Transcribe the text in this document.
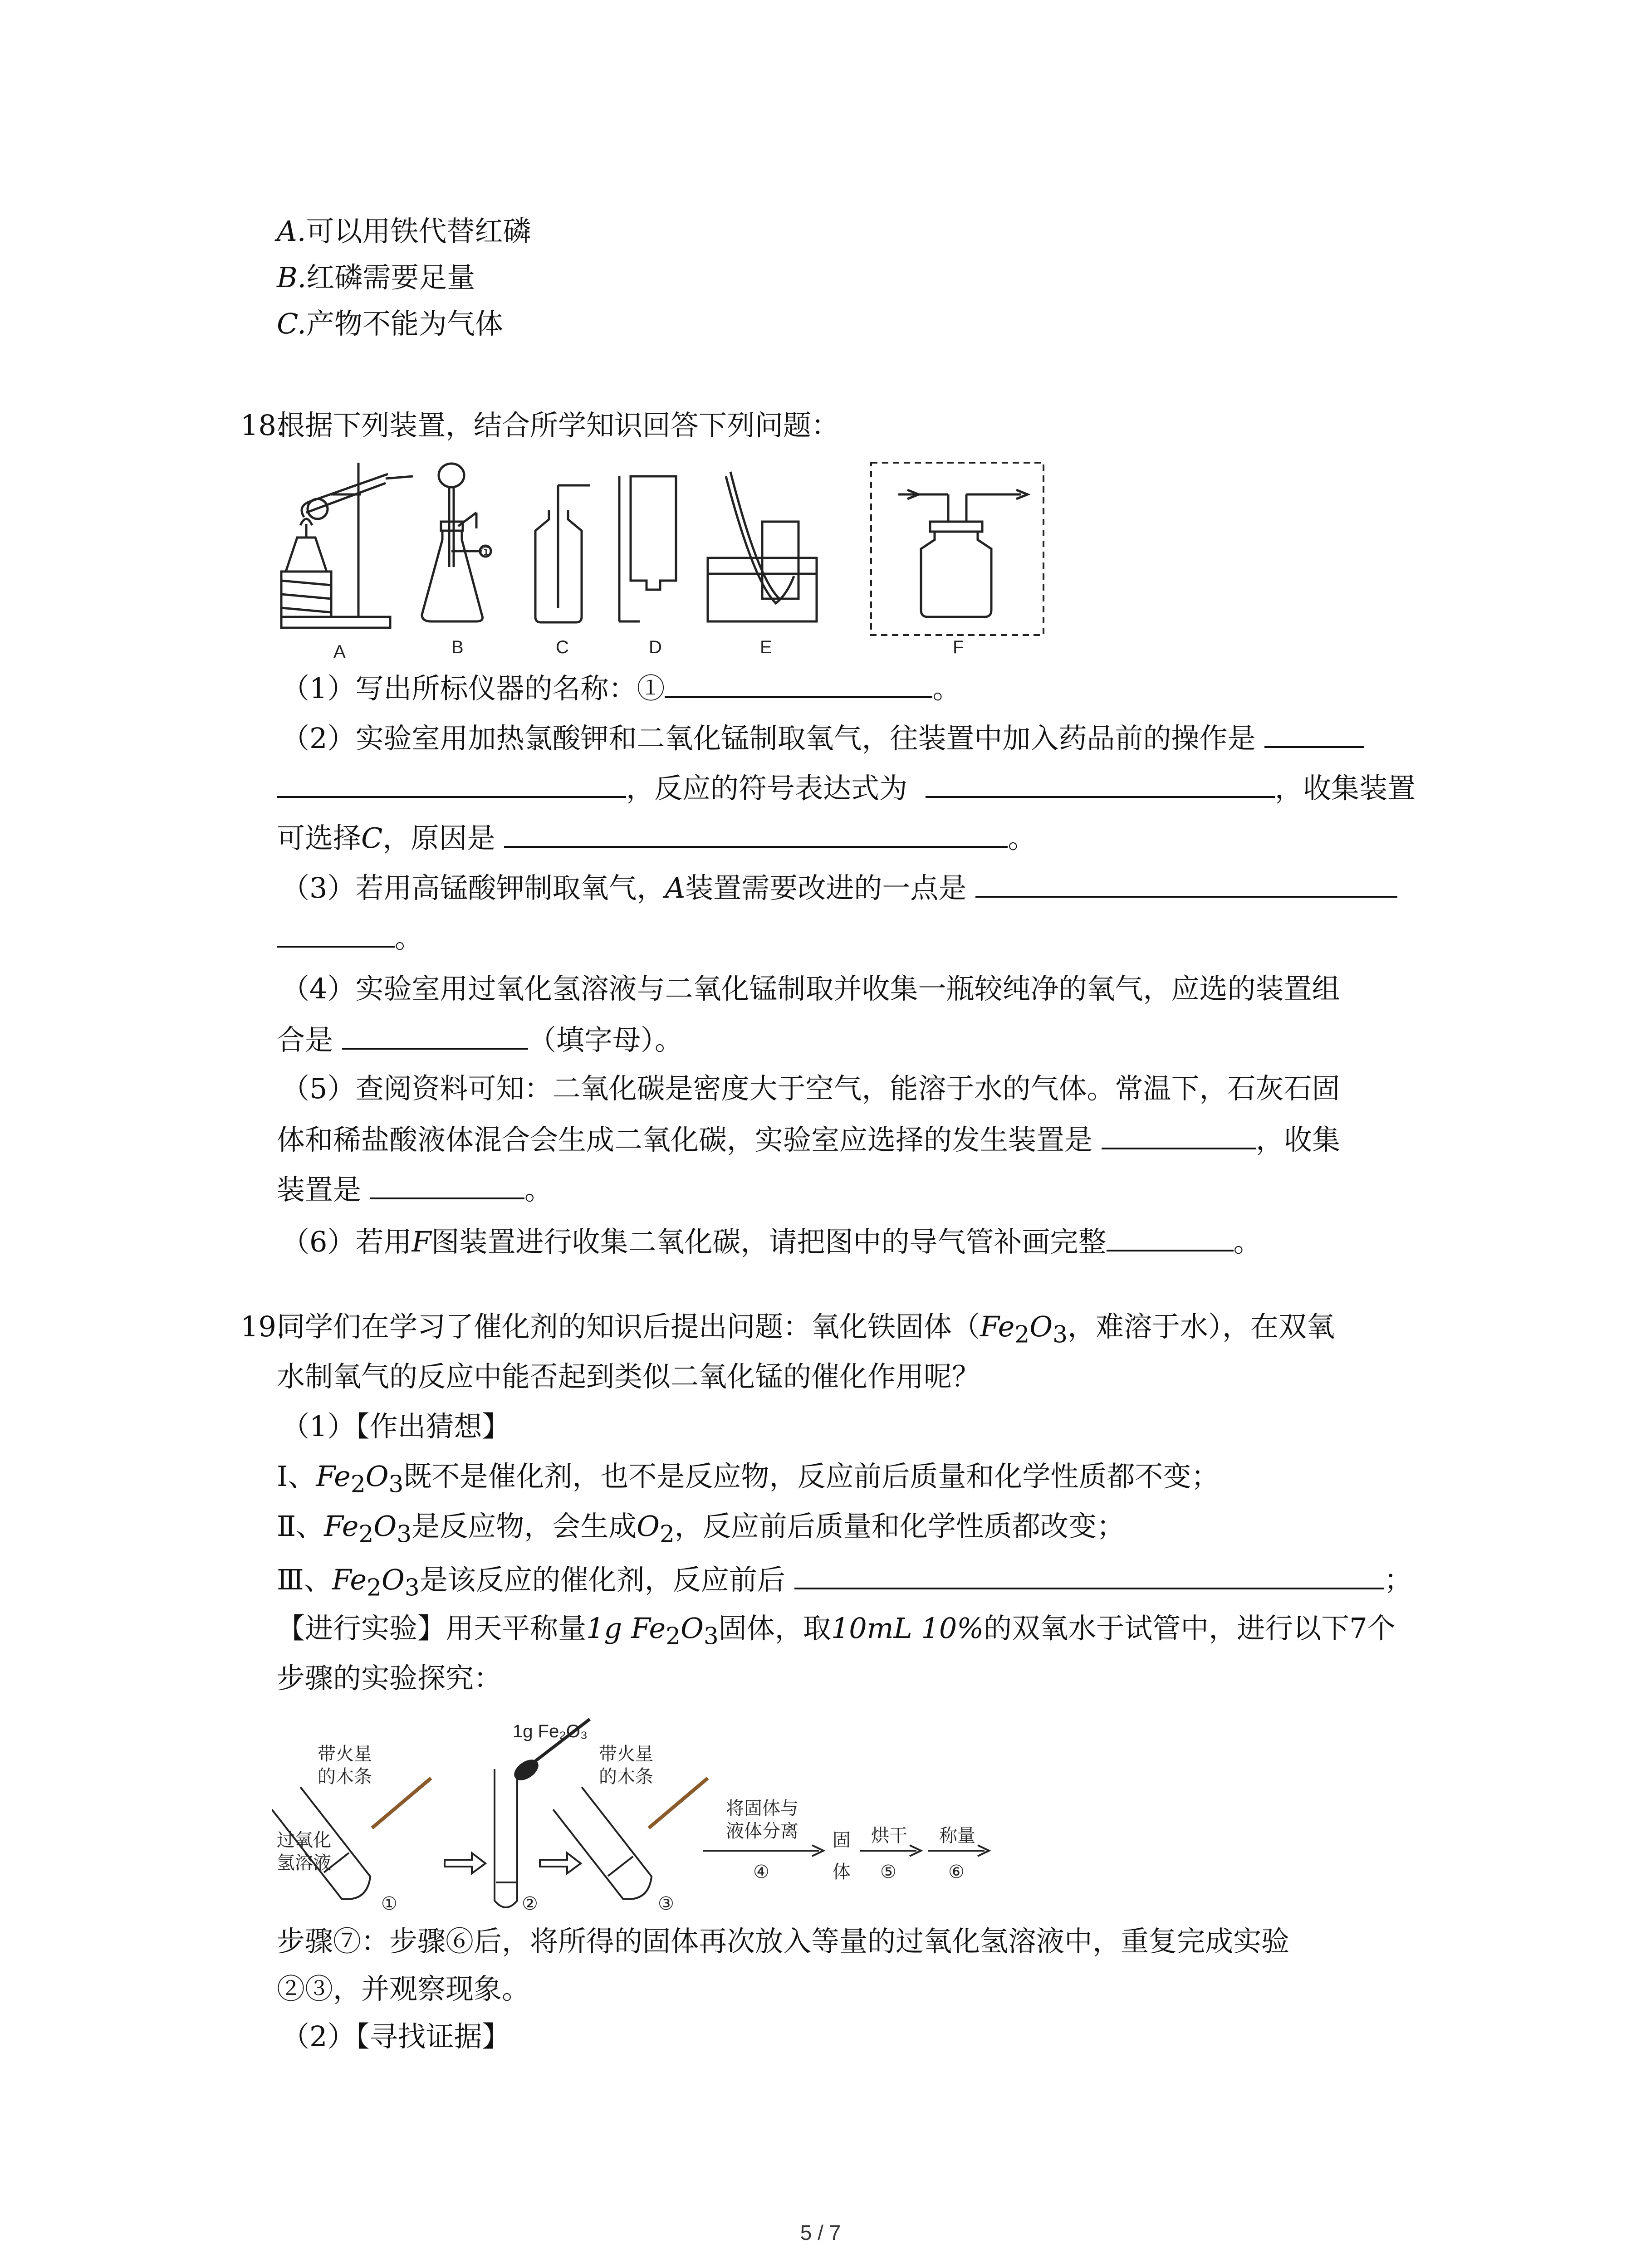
A.可以用铁代替红磷
B.红磷需要足量
C.产物不能为气体
18.
根据下列装置，结合所学知识回答下列问题：
A	B	C	D	E	F
①
（1）写出所标仪器的名称：①	。
（2）实验室用加热氯酸钾和二氧化锰制取氧气，往装置中加入药品前的操作是
，反应的符号表达式为	，收集装置
可选择C，原因是	。
（3）若用高锰酸钾制取氧气，A装置需要改进的一点是
。
（4）实验室用过氧化氢溶液与二氧化锰制取并收集一瓶较纯净的氧气，应选的装置组
合是	（填字母）。
（5）查阅资料可知：二氧化碳是密度大于空气，能溶于水的气体。常温下，石灰石固
体和稀盐酸液体混合会生成二氧化碳，实验室应选择的发生装置是	，收集
装置是	。
（6）若用F图装置进行收集二氧化碳，请把图中的导气管补画完整	。
19.
同学们在学习了催化剂的知识后提出问题：氧化铁固体（$Fe_2O_3$，难溶于水），在双氧
水制氧气的反应中能否起到类似二氧化锰的催化作用呢？
（1）【作出猜想】
Ⅰ、$Fe_2O_3$既不是催化剂，也不是反应物，反应前后质量和化学性质都不变；
Ⅱ、$Fe_2O_3$是反应物，会生成$O_2$，反应前后质量和化学性质都改变；
Ⅲ、$Fe_2O_3$是该反应的催化剂，反应前后	；
【进行实验】用天平称量1g $Fe_2O_3$固体，取10mL 10%的双氧水于试管中，进行以下7个
步骤的实验探究：
1g Fe₂O₃
带火星
的木条
带火星
的木条
过氧化
氢溶液
将固体与
液体分离 固
体
烘干 称量
①	②	③
④	⑤	⑥
步骤⑦：步骤⑥后，将所得的固体再次放入等量的过氧化氢溶液中，重复完成实验
②③，并观察现象。
（2）【寻找证据】
5 / 7
